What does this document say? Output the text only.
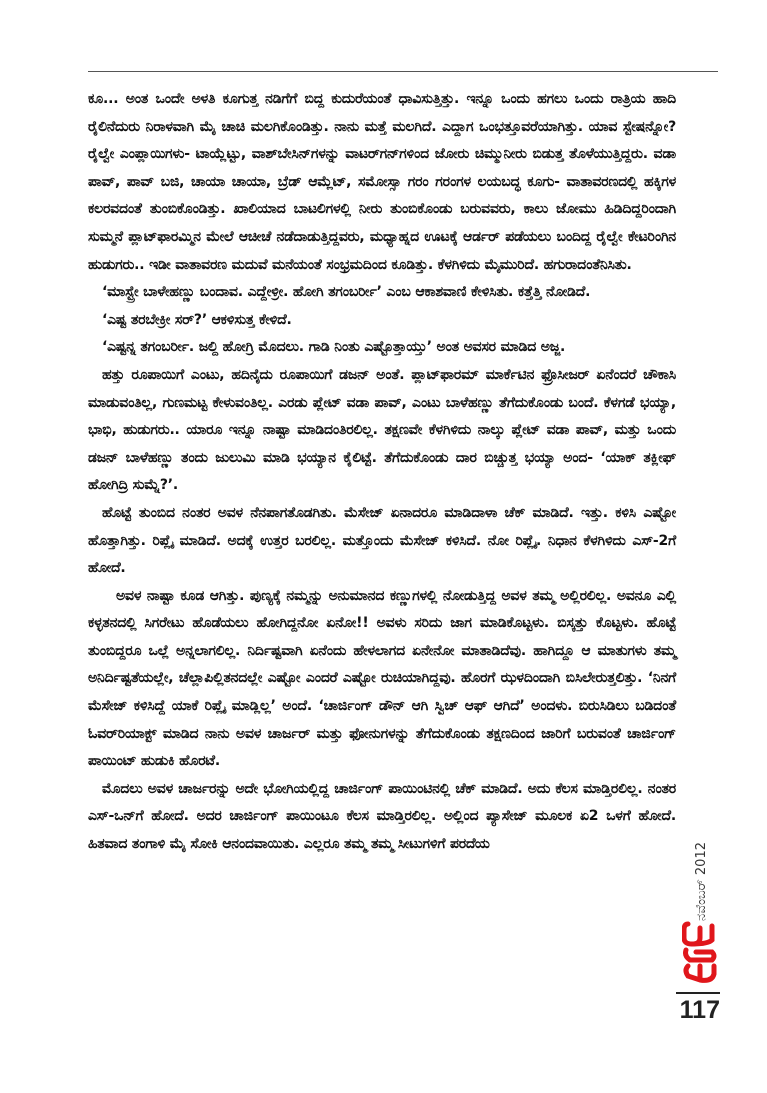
ಕೂ... ಅಂತ ಒಂದೇ ಅಳತಿ ಕೂಗುತ್ತ ನಡಿಗೆಗೆ ಬಿದ್ದ ಕುದುರೆಯಂತೆ ಧಾವಿಸುತ್ತಿತ್ತು. ಇನ್ನೂ ಒಂದು ಹಗಲು ಒಂದು ರಾತ್ರಿಯ ಹಾದಿ ರೈಲಿನೆದುರು ನಿರಾಳವಾಗಿ ಮೈ ಚಾಚಿ ಮಲಗಿಕೊಂಡಿತ್ತು. ನಾನು ಮತ್ತೆ ಮಲಗಿದೆ. ಎದ್ದಾಗ ಒಂಭತ್ತೂವರೆಯಾಗಿತ್ತು. ಯಾವ ಸ್ಟೇಷನ್ನೋ? ರೈಲ್ವೇ ಎಂಪ್ಲಾಯಿಗಳು- ಟಾಯ್ಲೆಟ್ಟು, ವಾಶ್‌ಬೇಸಿನ್‌ಗಳನ್ನು ವಾಟರ್‌ಗನ್‌ಗಳಿಂದ ಜೋರು ಚಿಮ್ಮುನೀರು ಬಿಡುತ್ತ ತೊಳೆಯುತ್ತಿದ್ದರು. ವಡಾ ಪಾವ್, ಪಾವ್ ಬಜಿ, ಚಾಯಾ ಚಾಯಾ, ಬ್ರೆಡ್ ಆಮ್ಲೆಟ್, ಸಮೋಸ್ಸಾ ಗರಂ ಗರಂಗಳ ಲಯಬದ್ಧ ಕೂಗು- ವಾತಾವರಣದಲ್ಲಿ ಹಕ್ಕಿಗಳ ಕಲರವದಂತೆ ತುಂಬಿಕೊಂಡಿತ್ತು. ಖಾಲಿಯಾದ ಬಾಟಲಿಗಳಲ್ಲಿ ನೀರು ತುಂಬಿಕೊಂಡು ಬರುವವರು, ಕಾಲು ಜೋಮು ಹಿಡಿದಿದ್ದರಿಂದಾಗಿ ಸುಮ್ಮನೆ ಪ್ಲಾಟ್‌ಫಾರಮ್ಮಿನ ಮೇಲೆ ಆಚೀಚೆ ನಡೆದಾಡುತ್ತಿದ್ದವರು, ಮಧ್ಯಾಹ್ನದ ಊಟಕ್ಕೆ ಆರ್ಡರ್ ಪಡೆಯಲು ಬಂದಿದ್ದ ರೈಲ್ವೇ ಕೇಟರಿಂಗಿನ ಹುಡುಗರು.. ಇಡೀ ವಾತಾವರಣ ಮದುವೆ ಮನೆಯಂತೆ ಸಂಭ್ರಮದಿಂದ ಕೂಡಿತ್ತು. ಕೆಳಗಿಳಿದು ಮೈಮುರಿದೆ. ಹಗುರಾದಂತೆನಿಸಿತು.

‘ಮಾಸ್ಟ್ರೇ ಬಾಳೇಹಣ್ಣು ಬಂದಾವ. ಎದ್ದೇಳ್ರೀ. ಹೋಗಿ ತಗಂಬರ್ರೀ’ ಎಂಬ ಆಕಾಶವಾಣಿ ಕೇಳಿಸಿತು. ಕತ್ತೆತ್ತಿ ನೋಡಿದೆ.

‘ಎಷ್ಟ ತರಬೇಕ್ರೀ ಸರ್?’ ಆಕಳಿಸುತ್ತ ಕೇಳಿದೆ.

‘ಎಷ್ಟನ್ನ ತಗಂಬರ್ರೀ. ಜಲ್ದಿ ಹೋಗ್ರಿ ಮೊದಲು. ಗಾಡಿ ನಿಂತು ಎಷ್ಟೊತ್ತಾಯ್ತು’ ಅಂತ ಅವಸರ ಮಾಡಿದ ಅಜ್ಜ.

ಹತ್ತು ರೂಪಾಯಿಗೆ ಎಂಟು, ಹದಿನೈದು ರೂಪಾಯಿಗೆ ಡಜನ್ ಅಂತೆ. ಪ್ಲಾಟ್‌ಫಾರಮ್ ಮಾರ್ಕೆಟಿನ ಫ್ರೊಸೀಜರ್ ಏನೆಂದರೆ ಚೌಕಾಸಿ ಮಾಡುವಂತಿಲ್ಲ, ಗುಣಮಟ್ಟ ಕೇಳುವಂತಿಲ್ಲ. ಎರಡು ಪ್ಲೇಟ್ ವಡಾ ಪಾವ್, ಎಂಟು ಬಾಳೆಹಣ್ಣು ತೆಗೆದುಕೊಂಡು ಬಂದೆ. ಕೆಳಗಡೆ ಭಯ್ಯಾ, ಭಾಭಿ, ಹುಡುಗರು.. ಯಾರೂ ಇನ್ನೂ ನಾಷ್ಟಾ ಮಾಡಿದಂತಿರಲಿಲ್ಲ. ತಕ್ಷಣವೇ ಕೆಳಗಿಳಿದು ನಾಲ್ಕು ಪ್ಲೇಟ್ ವಡಾ ಪಾವ್, ಮತ್ತು ಒಂದು ಡಜನ್ ಬಾಳೆಹಣ್ಣು ತಂದು ಜುಲುಮಿ ಮಾಡಿ ಭಯ್ಯಾನ ಕೈಲಿಟ್ಟೆ. ತೆಗೆದುಕೊಂಡು ದಾರ ಬಿಚ್ಚುತ್ತ ಭಯ್ಯಾ ಅಂದ- ‘ಯಾಕ್ ತಕ್ಲೀಫ್ ಹೋಗಿದ್ರಿ ಸುಮ್ನೆ?’.

ಹೊಟ್ಟೆ ತುಂಬಿದ ನಂತರ ಅವಳ ನೆನಪಾಗತೊಡಗಿತು. ಮೆಸೇಜ್ ಏನಾದರೂ ಮಾಡಿದಾಳಾ ಚೆಕ್ ಮಾಡಿದೆ. ಇತ್ತು. ಕಳಿಸಿ ಎಷ್ಟೋ ಹೊತ್ತಾಗಿತ್ತು. ರಿಪ್ಲೈ ಮಾಡಿದೆ. ಅದಕ್ಕೆ ಉತ್ತರ ಬರಲಿಲ್ಲ. ಮತ್ತೊಂದು ಮೆಸೇಜ್ ಕಳಿಸಿದೆ. ನೋ ರಿಪ್ಲೈ. ನಿಧಾನ ಕೆಳಗಿಳಿದು ಎಸ್-2ಗೆ ಹೋದೆ.

ಅವಳ ನಾಷ್ಟಾ ಕೂಡ ಆಗಿತ್ತು. ಪುಣ್ಯಕ್ಕೆ ನಮ್ಮನ್ನು ಅನುಮಾನದ ಕಣ್ಣುಗಳಲ್ಲಿ ನೋಡುತ್ತಿದ್ದ ಅವಳ ತಮ್ಮ ಅಲ್ಲಿರಲಿಲ್ಲ. ಅವನೂ ಎಲ್ಲಿ ಕಳ್ಳತನದಲ್ಲಿ ಸಿಗರೇಟು ಹೊಡೆಯಲು ಹೋಗಿದ್ದನೋ ಏನೋ!! ಅವಳು ಸರಿದು ಜಾಗ ಮಾಡಿಕೊಟ್ಟಳು. ಬಿಸ್ಕತ್ತು ಕೊಟ್ಟಳು. ಹೊಟ್ಟೆ ತುಂಬಿದ್ದರೂ ಒಲ್ಲೆ ಅನ್ನಲಾಗಲಿಲ್ಲ. ನಿರ್ದಿಷ್ಟವಾಗಿ ಏನೆಂದು ಹೇಳಲಾಗದ ಏನೇನೋ ಮಾತಾಡಿದೆವು. ಹಾಗಿದ್ದೂ ಆ ಮಾತುಗಳು ತಮ್ಮ ಅನಿರ್ದಿಷ್ಟತೆಯಲ್ಲೇ, ಚೆಲ್ಲಾಪಿಲ್ಲಿತನದಲ್ಲೇ ಎಷ್ಟೋ ಎಂದರೆ ಎಷ್ಟೋ ರುಚಿಯಾಗಿದ್ದವು. ಹೊರಗೆ ಝಳದಿಂದಾಗಿ ಬಿಸಿಲೇರುತ್ತಲಿತ್ತು. ‘ನಿನಗೆ ಮೆಸೇಜ್ ಕಳಿಸಿದ್ದೆ ಯಾಕೆ ರಿಪ್ಲೈ ಮಾಡ್ಲಿಲ್ಲ’ ಅಂದೆ. ‘ಚಾರ್ಜಿಂಗ್ ಡೌನ್ ಆಗಿ ಸ್ವಿಚ್ ಆಫ್ ಆಗಿದೆ’ ಅಂದಳು. ಬಿರುಸಿಡಿಲು ಬಡಿದಂತೆ ಓವರ್‌ರಿಯಾಕ್ಟ್ ಮಾಡಿದ ನಾನು ಅವಳ ಚಾರ್ಜರ್ ಮತ್ತು ಫೋನುಗಳನ್ನು ತೆಗೆದುಕೊಂಡು ತಕ್ಷಣದಿಂದ ಜಾರಿಗೆ ಬರುವಂತೆ ಚಾರ್ಜಿಂಗ್ ಪಾಯಿಂಟ್ ಹುಡುಕಿ ಹೊರಟೆ.

ಮೊದಲು ಅವಳ ಚಾರ್ಜರನ್ನು ಅದೇ ಭೋಗಿಯಲ್ಲಿದ್ದ ಚಾರ್ಜಿಂಗ್ ಪಾಯಿಂಟಿನಲ್ಲಿ ಚೆಕ್ ಮಾಡಿದೆ. ಅದು ಕೆಲಸ ಮಾಡ್ತಿರಲಿಲ್ಲ. ನಂತರ ಎಸ್-ಒನ್‌ಗೆ ಹೋದೆ. ಅದರ ಚಾರ್ಜಿಂಗ್ ಪಾಯಿಂಟೂ ಕೆಲಸ ಮಾಡ್ತಿರಲಿಲ್ಲ. ಅಲ್ಲಿಂದ ಪ್ಯಾಸೇಜ್ ಮೂಲಕ ಏ2 ಒಳಗೆ ಹೋದೆ. ಹಿತವಾದ ತಂಗಾಳಿ ಮೈ ಸೋಕಿ ಆನಂದವಾಯಿತು. ಎಲ್ಲರೂ ತಮ್ಮ ತಮ್ಮ ಸೀಟುಗಳಿಗೆ ಪರದೆಯ	ನವೆಂಬರ್ 2012
117
